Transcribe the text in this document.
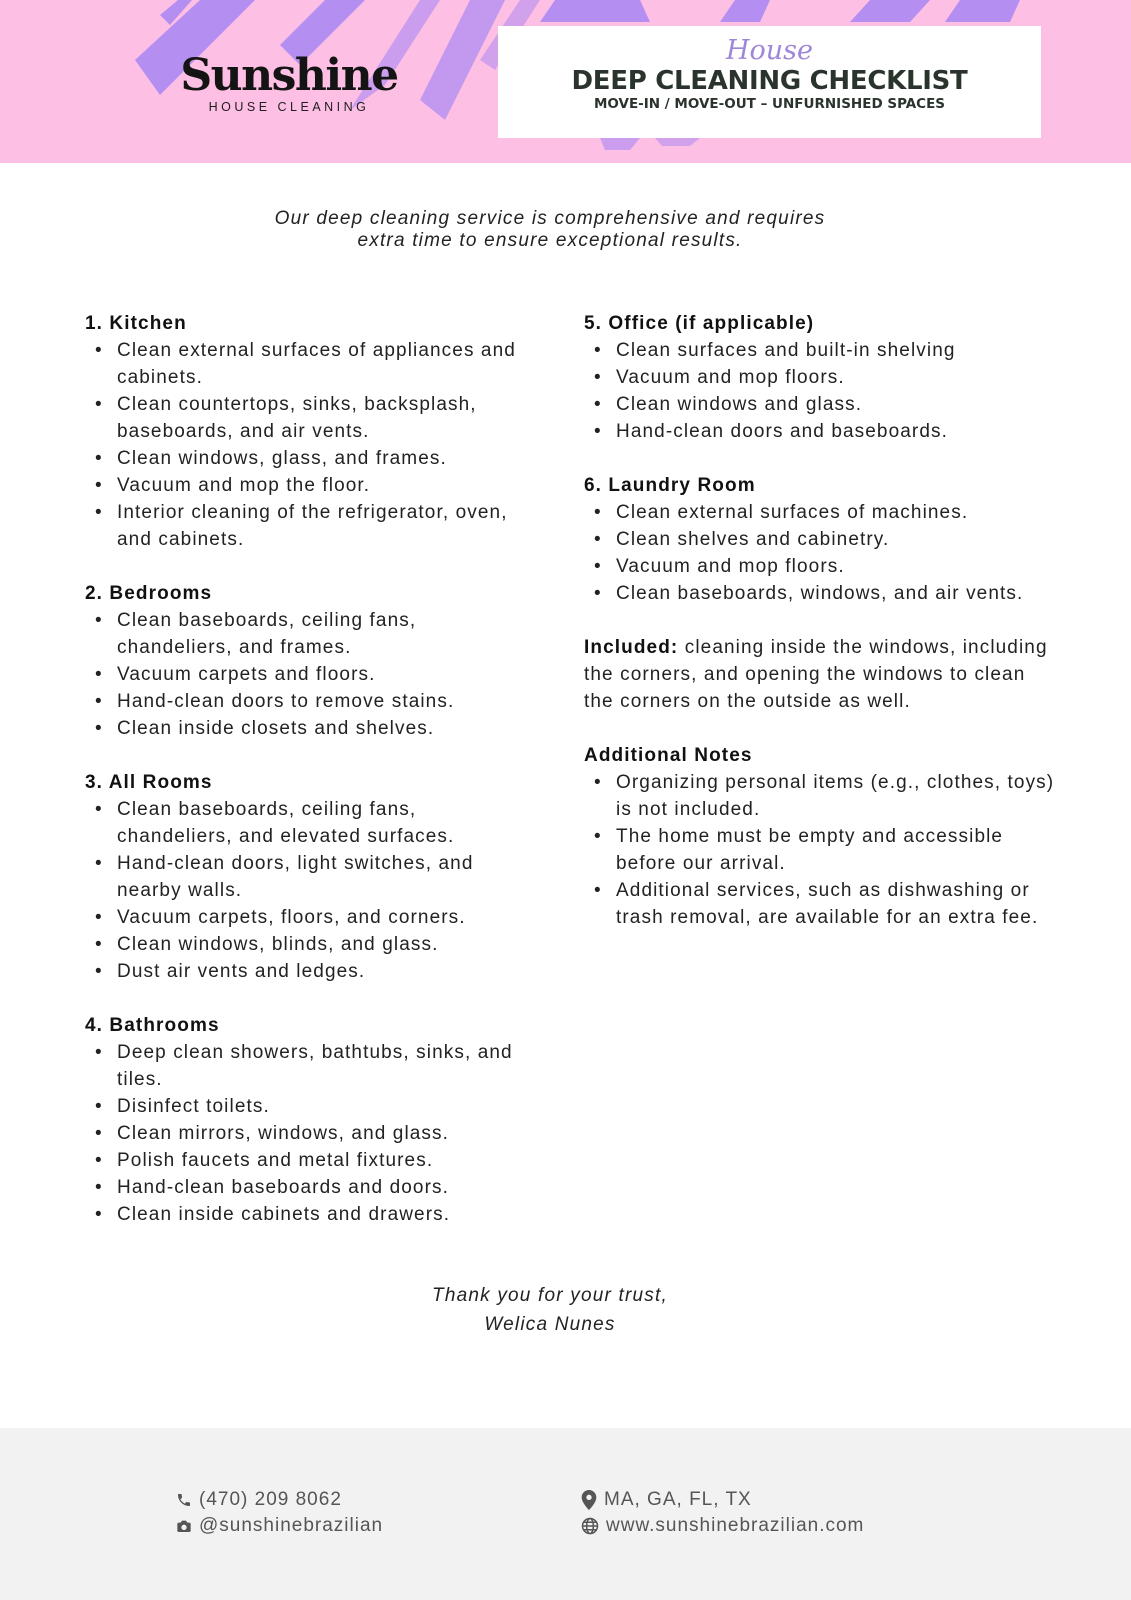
Sunshine
HOUSE CLEANING
House
DEEP CLEANING CHECKLIST
MOVE-IN / MOVE-OUT – UNFURNISHED SPACES
Our deep cleaning service is comprehensive and requires
extra time to ensure exceptional results.
1. Kitchen
• Clean external surfaces of appliances and cabinets.
• Clean countertops, sinks, backsplash, baseboards, and air vents.
• Clean windows, glass, and frames.
• Vacuum and mop the floor.
• Interior cleaning of the refrigerator, oven, and cabinets.
2. Bedrooms
• Clean baseboards, ceiling fans, chandeliers, and frames.
• Vacuum carpets and floors.
• Hand-clean doors to remove stains.
• Clean inside closets and shelves.
3. All Rooms
• Clean baseboards, ceiling fans, chandeliers, and elevated surfaces.
• Hand-clean doors, light switches, and nearby walls.
• Vacuum carpets, floors, and corners.
• Clean windows, blinds, and glass.
• Dust air vents and ledges.
4. Bathrooms
• Deep clean showers, bathtubs, sinks, and tiles.
• Disinfect toilets.
• Clean mirrors, windows, and glass.
• Polish faucets and metal fixtures.
• Hand-clean baseboards and doors.
• Clean inside cabinets and drawers.
5. Office (if applicable)
• Clean surfaces and built-in shelving
• Vacuum and mop floors.
• Clean windows and glass.
• Hand-clean doors and baseboards.
6. Laundry Room
• Clean external surfaces of machines.
• Clean shelves and cabinetry.
• Vacuum and mop floors.
• Clean baseboards, windows, and air vents.
Included: cleaning inside the windows, including the corners, and opening the windows to clean the corners on the outside as well.
Additional Notes
• Organizing personal items (e.g., clothes, toys) is not included.
• The home must be empty and accessible before our arrival.
• Additional services, such as dishwashing or trash removal, are available for an extra fee.
Thank you for your trust,
Welica Nunes
(470) 209 8062
@sunshinebrazilian
MA, GA, FL, TX
www.sunshinebrazilian.com
